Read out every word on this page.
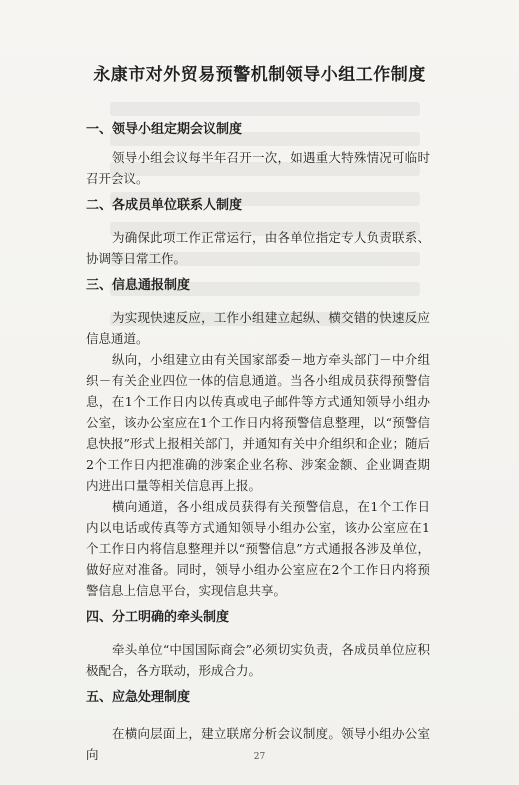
永康市对外贸易预警机制领导小组工作制度
一、领导小组定期会议制度

领导小组会议每半年召开一次，如遇重大特殊情况可临时召开会议。

二、各成员单位联系人制度

为确保此项工作正常运行，由各单位指定专人负责联系、协调等日常工作。

三、信息通报制度

为实现快速反应，工作小组建立起纵、横交错的快速反应信息通道。

纵向，小组建立由有关国家部委－地方牵头部门－中介组织－有关企业四位一体的信息通道。当各小组成员获得预警信息，在1个工作日内以传真或电子邮件等方式通知领导小组办公室，该办公室应在1个工作日内将预警信息整理，以“预警信息快报”形式上报相关部门，并通知有关中介组织和企业；随后2个工作日内把准确的涉案企业名称、涉案金额、企业调查期内进出口量等相关信息再上报。

横向通道，各小组成员获得有关预警信息，在1个工作日内以电话或传真等方式通知领导小组办公室，该办公室应在1个工作日内将信息整理并以“预警信息”方式通报各涉及单位，做好应对准备。同时，领导小组办公室应在2个工作日内将预警信息上信息平台，实现信息共享。

四、分工明确的牵头制度

牵头单位“中国国际商会”必须切实负责，各成员单位应积极配合，各方联动，形成合力。

五、应急处理制度

在横向层面上，建立联席分析会议制度。领导小组办公室向	27
